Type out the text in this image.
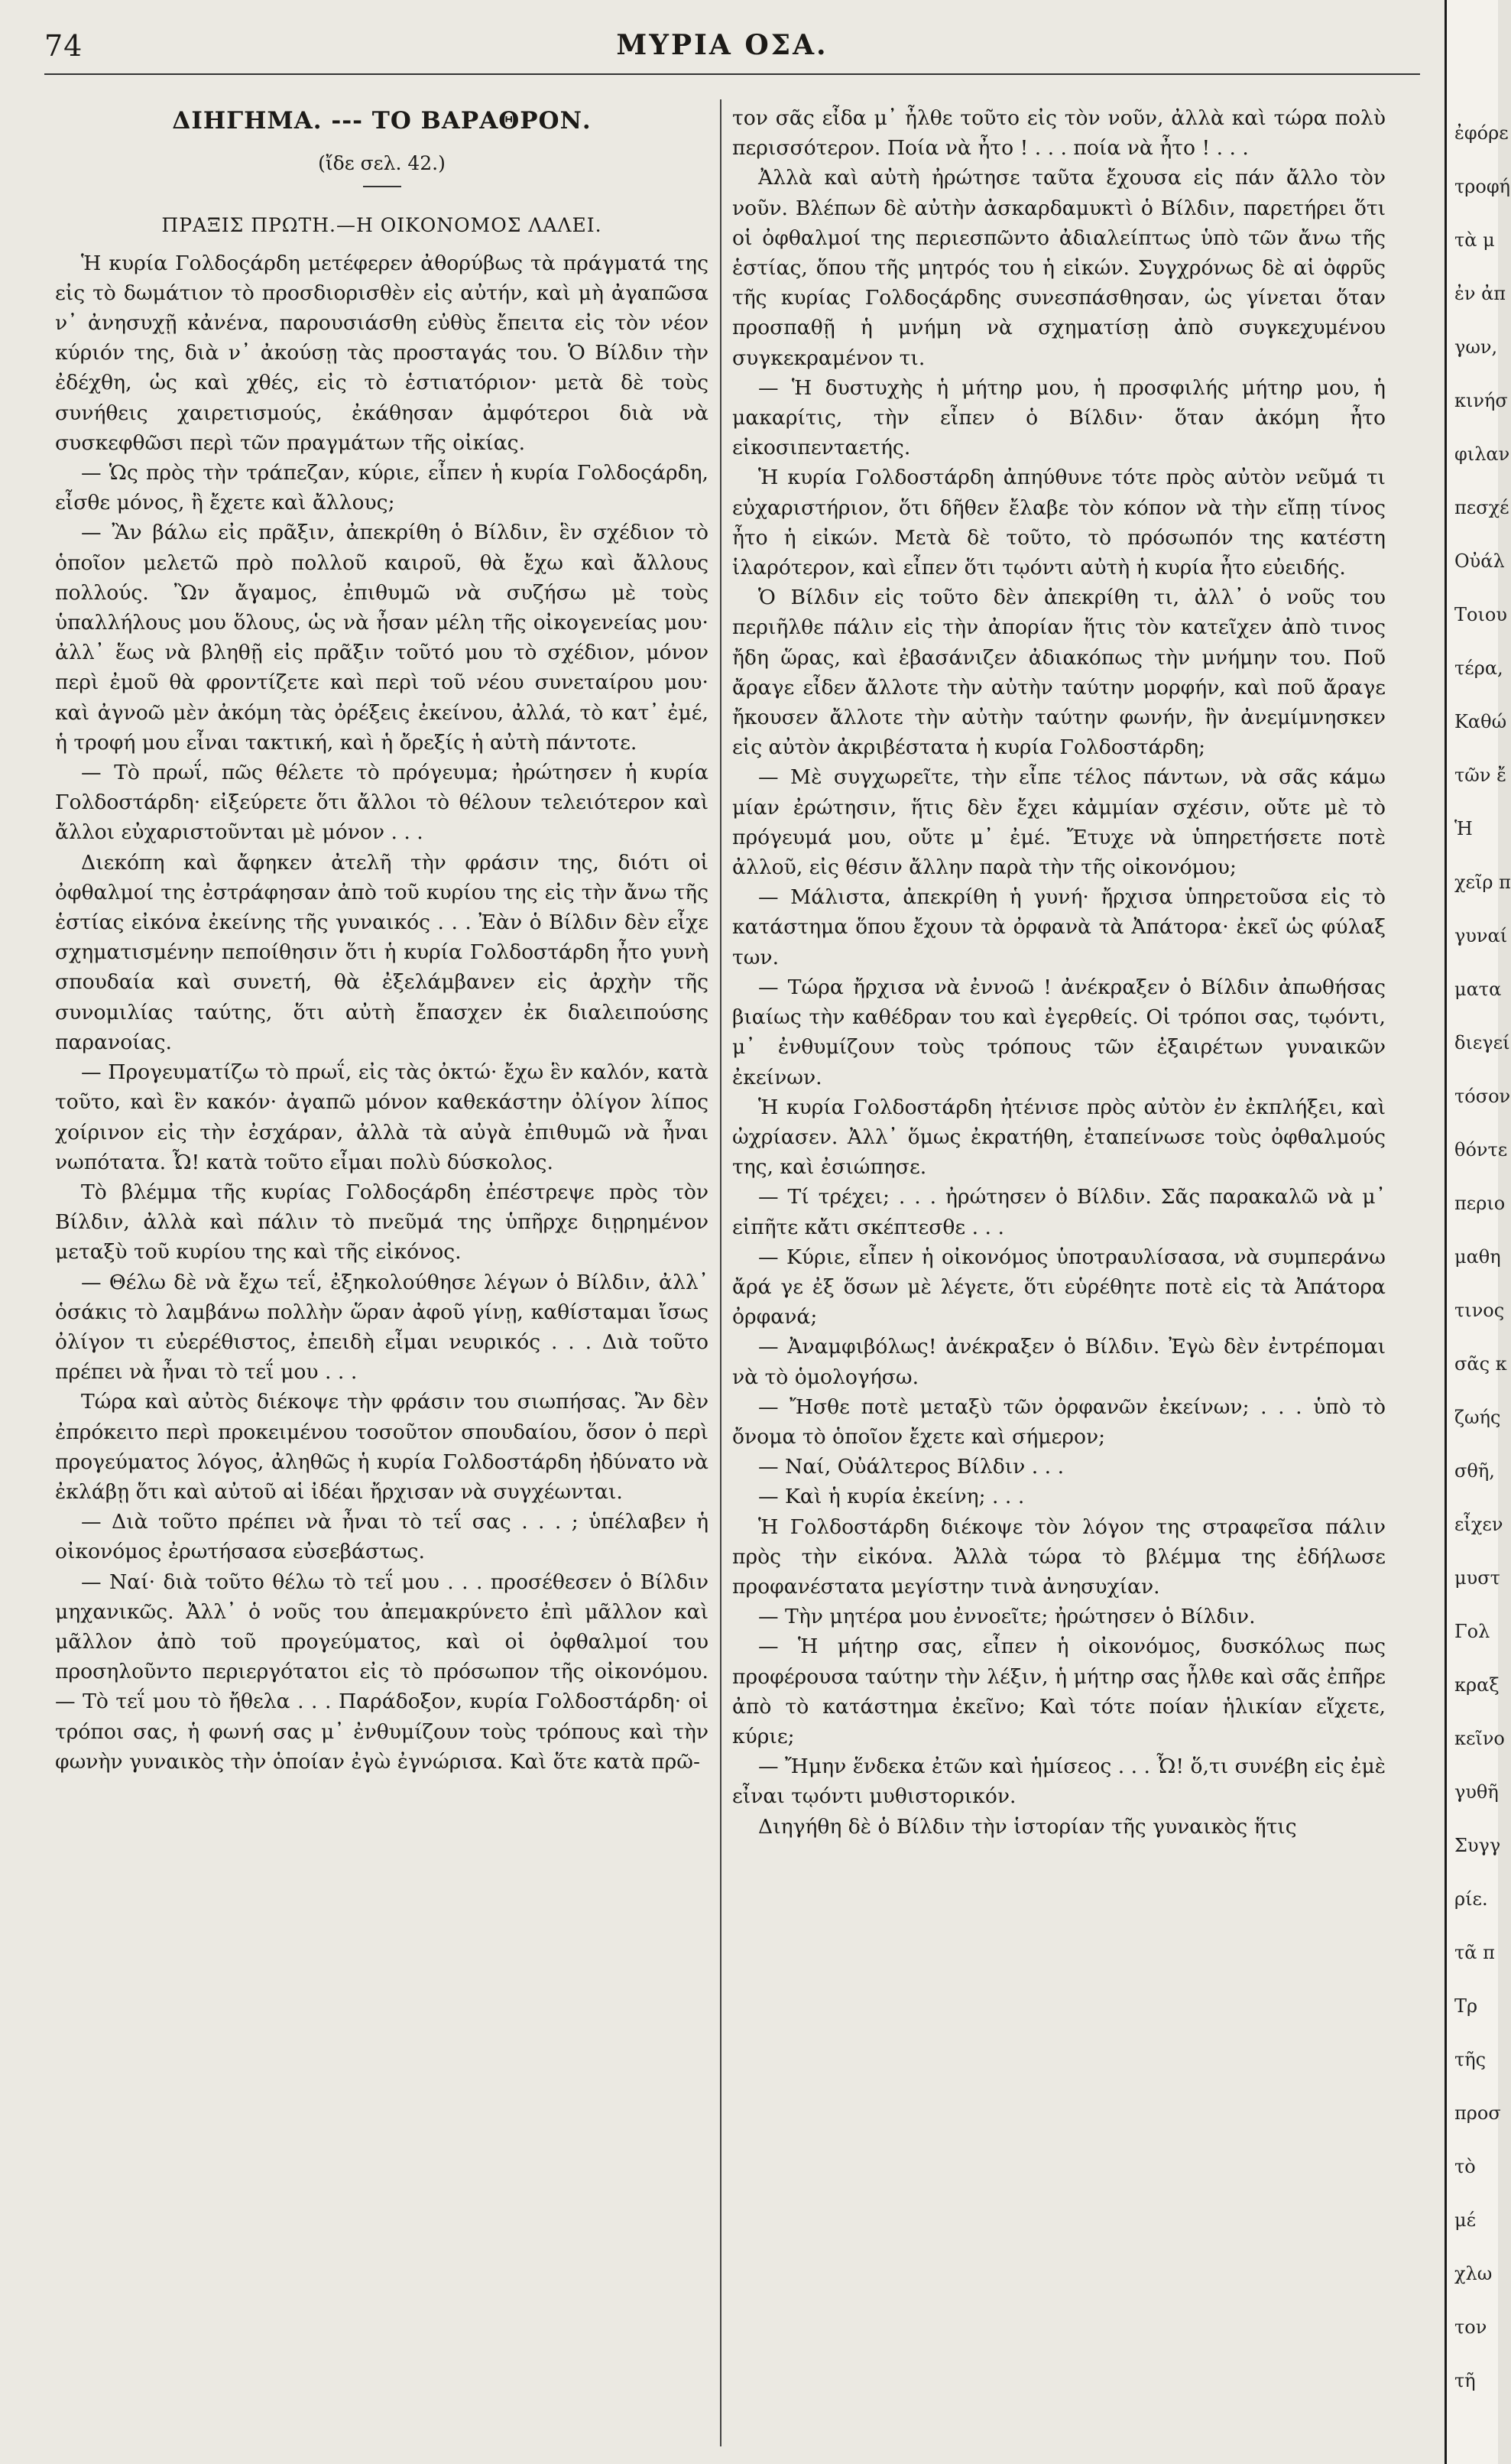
74	ΜΥΡΙΑ ΟΣΑ.
ΔΙΗΓΗΜΑ. --- ΤΟ ΒΑΡΑΘΡΟΝ.
(ἴδε σελ. 42.)
ΠΡΑΞΙΣ ΠΡΩΤΗ.—Η ΟΙΚΟΝΟΜΟΣ ΛΑΛΕΙ.

Ἡ κυρία Γολδοςάρδη μετέφερεν ἀθορύβως τὰ πράγματά της εἰς τὸ δωμάτιον τὸ προσδιορισθὲν εἰς αὐτήν, καὶ μὴ ἀγαπῶσα ν᾽ ἀνησυχῇ κἀνένα, παρουσιάσθη εὐθὺς ἔπειτα εἰς τὸν νέον κύριόν της, διὰ ν᾽ ἀκούσῃ τὰς προσταγάς του. Ὁ Βίλδιν τὴν ἐδέχθη, ὡς καὶ χθές, εἰς τὸ ἑστιατόριον· μετὰ δὲ τοὺς συνήθεις χαιρετισμούς, ἐκάθησαν ἀμφότεροι διὰ νὰ συσκεφθῶσι περὶ τῶν πραγμάτων τῆς οἰκίας.

— Ὡς πρὸς τὴν τράπεζαν, κύριε, εἶπεν ἡ κυρία Γολδοςάρδη, εἶσθε μόνος, ἢ ἔχετε καὶ ἄλλους;

— Ἂν βάλω εἰς πρᾶξιν, ἀπεκρίθη ὁ Βίλδιν, ἓν σχέδιον τὸ ὁποῖον μελετῶ πρὸ πολλοῦ καιροῦ, θὰ ἔχω καὶ ἄλλους πολλούς. Ὢν ἄγαμος, ἐπιθυμῶ νὰ συζήσω μὲ τοὺς ὑπαλλήλους μου ὅλους, ὡς νὰ ἦσαν μέλη τῆς οἰκογενείας μου· ἀλλ᾽ ἕως νὰ βληθῇ εἰς πρᾶξιν τοῦτό μου τὸ σχέδιον, μόνον περὶ ἐμοῦ θὰ φροντίζετε καὶ περὶ τοῦ νέου συνεταίρου μου· καὶ ἀγνοῶ μὲν ἀκόμη τὰς ὀρέξεις ἐκείνου, ἀλλά, τὸ κατ᾽ ἐμέ, ἡ τροφή μου εἶναι τακτική, καὶ ἡ ὄρεξίς ἡ αὐτὴ πάντοτε.

— Τὸ πρωΐ, πῶς θέλετε τὸ πρόγευμα; ἠρώτησεν ἡ κυρία Γολδοστάρδη· εἰξεύρετε ὅτι ἄλλοι τὸ θέλουν τελειότερον καὶ ἄλλοι εὐχαριστοῦνται μὲ μόνον . . .

Διεκόπη καὶ ἄφηκεν ἀτελῆ τὴν φράσιν της, διότι οἱ ὀφθαλμοί της ἐστράφησαν ἀπὸ τοῦ κυρίου της εἰς τὴν ἄνω τῆς ἑστίας εἰκόνα ἐκείνης τῆς γυναικός . . . Ἐὰν ὁ Βίλδιν δὲν εἶχε σχηματισμένην πεποίθησιν ὅτι ἡ κυρία Γολδοστάρδη ἦτο γυνὴ σπουδαία καὶ συνετή, θὰ ἐξελάμβανεν εἰς ἀρχὴν τῆς συνομιλίας ταύτης, ὅτι αὐτὴ ἔπασχεν ἐκ διαλειπούσης παρανοίας.

— Προγευματίζω τὸ πρωΐ, εἰς τὰς ὀκτώ· ἔχω ἓν καλόν, κατὰ τοῦτο, καὶ ἓν κακόν· ἀγαπῶ μόνον καθεκάστην ὀλίγον λίπος χοίρινον εἰς τὴν ἐσχάραν, ἀλλὰ τὰ αὐγὰ ἐπιθυμῶ νὰ ἦναι νωπότατα. Ὦ! κατὰ τοῦτο εἶμαι πολὺ δύσκολος.

Τὸ βλέμμα τῆς κυρίας Γολδοςάρδη ἐπέστρεψε πρὸς τὸν Βίλδιν, ἀλλὰ καὶ πάλιν τὸ πνεῦμά της ὑπῆρχε διῃρημένον μεταξὺ τοῦ κυρίου της καὶ τῆς εἰκόνος.

— Θέλω δὲ νὰ ἔχω τεΐ, ἐξηκολούθησε λέγων ὁ Βίλδιν, ἀλλ᾽ ὁσάκις τὸ λαμβάνω πολλὴν ὥραν ἀφοῦ γίνῃ, καθίσταμαι ἴσως ὀλίγον τι εὐερέθιστος, ἐπειδὴ εἶμαι νευρικός . . . Διὰ τοῦτο πρέπει νὰ ἦναι τὸ τεΐ μου . . .

Τώρα καὶ αὐτὸς διέκοψε τὴν φράσιν του σιωπήσας. Ἂν δὲν ἐπρόκειτο περὶ προκειμένου τοσοῦτον σπουδαίου, ὅσον ὁ περὶ προγεύματος λόγος, ἀληθῶς ἡ κυρία Γολδοστάρδη ἠδύνατο νὰ ἐκλάβῃ ὅτι καὶ αὐτοῦ αἱ ἰδέαι ἤρχισαν νὰ συγχέωνται.

— Διὰ τοῦτο πρέπει νὰ ἦναι τὸ τεΐ σας . . . ; ὑπέλαβεν ἡ οἰκονόμος ἐρωτήσασα εὐσεβάστως.

— Ναί· διὰ τοῦτο θέλω τὸ τεΐ μου . . . προσέθεσεν ὁ Βίλδιν μηχανικῶς. Ἀλλ᾽ ὁ νοῦς του ἀπεμακρύνετο ἐπὶ μᾶλλον καὶ μᾶλλον ἀπὸ τοῦ προγεύματος, καὶ οἱ ὀφθαλμοί του προσηλοῦντο περιεργότατοι εἰς τὸ πρόσωπον τῆς οἰκονόμου. — Τὸ τεΐ μου τὸ ἤθελα . . . Παράδοξον, κυρία Γολδοστάρδη· οἱ τρόποι σας, ἡ φωνή σας μ᾽ ἐνθυμίζουν τοὺς τρόπους καὶ τὴν φωνὴν γυναικὸς τὴν ὁποίαν ἐγὼ ἐγνώρισα. Καὶ ὅτε κατὰ πρῶ-

τον σᾶς εἶδα μ᾽ ἦλθε τοῦτο εἰς τὸν νοῦν, ἀλλὰ καὶ τώρα πολὺ περισσότερον. Ποία νὰ ἦτο ! . . . ποία νὰ ἦτο ! . . .

Ἀλλὰ καὶ αὐτὴ ἠρώτησε ταῦτα ἔχουσα εἰς πάν ἄλλο τὸν νοῦν. Βλέπων δὲ αὐτὴν ἀσκαρδαμυκτὶ ὁ Βίλδιν, παρετήρει ὅτι οἱ ὀφθαλμοί της περιεσπῶντο ἀδιαλείπτως ὑπὸ τῶν ἄνω τῆς ἑστίας, ὅπου τῆς μητρός του ἡ εἰκών. Συγχρόνως δὲ αἱ ὀφρῦς τῆς κυρίας Γολδοςάρδης συνεσπάσθησαν, ὡς γίνεται ὅταν προσπαθῇ ἡ μνήμη νὰ σχηματίσῃ ἀπὸ συγκεχυμένου συγκεκραμένον τι.

— Ἡ δυστυχὴς ἡ μήτηρ μου, ἡ προσφιλής μήτηρ μου, ἡ μακαρίτις, τὴν εἶπεν ὁ Βίλδιν· ὅταν ἀκόμη ἦτο εἰκοσιπενταετής.

Ἡ κυρία Γολδοστάρδη ἀπηύθυνε τότε πρὸς αὐτὸν νεῦμά τι εὐχαριστήριον, ὅτι δῆθεν ἔλαβε τὸν κόπον νὰ τὴν εἴπῃ τίνος ἦτο ἡ εἰκών. Μετὰ δὲ τοῦτο, τὸ πρόσωπόν της κατέστη ἱλαρότερον, καὶ εἶπεν ὅτι τῳόντι αὐτὴ ἡ κυρία ἦτο εὐειδής.

Ὁ Βίλδιν εἰς τοῦτο δὲν ἀπεκρίθη τι, ἀλλ᾽ ὁ νοῦς του περιῆλθε πάλιν εἰς τὴν ἀπορίαν ἥτις τὸν κατεῖχεν ἀπὸ τινος ἤδη ὥρας, καὶ ἐβασάνιζεν ἀδιακόπως τὴν μνήμην του. Ποῦ ἄραγε εἶδεν ἄλλοτε τὴν αὐτὴν ταύτην μορφήν, καὶ ποῦ ἄραγε ἤκουσεν ἄλλοτε τὴν αὐτὴν ταύτην φωνήν, ἣν ἀνεμίμνησκεν εἰς αὐτὸν ἀκριβέστατα ἡ κυρία Γολδοστάρδη;

— Μὲ συγχωρεῖτε, τὴν εἶπε τέλος πάντων, νὰ σᾶς κάμω μίαν ἐρώτησιν, ἥτις δὲν ἔχει κἀμμίαν σχέσιν, οὔτε μὲ τὸ πρόγευμά μου, οὔτε μ᾽ ἐμέ. Ἔτυχε νὰ ὑπηρετήσετε ποτὲ ἀλλοῦ, εἰς θέσιν ἄλλην παρὰ τὴν τῆς οἰκονόμου;

— Μάλιστα, ἀπεκρίθη ἡ γυνή· ἤρχισα ὑπηρετοῦσα εἰς τὸ κατάστημα ὅπου ἔχουν τὰ ὀρφανὰ τὰ Ἀπάτορα· ἐκεῖ ὡς φύλαξ των.

— Τώρα ἤρχισα νὰ ἐννοῶ ! ἀνέκραξεν ὁ Βίλδιν ἀπωθήσας βιαίως τὴν καθέδραν του καὶ ἐγερθείς. Οἱ τρόποι σας, τῳόντι, μ᾽ ἐνθυμίζουν τοὺς τρόπους τῶν ἐξαιρέτων γυναικῶν ἐκείνων.

Ἡ κυρία Γολδοστάρδη ἠτένισε πρὸς αὐτὸν ἐν ἐκπλήξει, καὶ ὠχρίασεν. Ἀλλ᾽ ὅμως ἐκρατήθη, ἐταπείνωσε τοὺς ὀφθαλμούς της, καὶ ἐσιώπησε.

— Τί τρέχει; . . . ἠρώτησεν ὁ Βίλδιν. Σᾶς παρακαλῶ νὰ μ᾽ εἰπῆτε κἄτι σκέπτεσθε . . .

— Κύριε, εἶπεν ἡ οἰκονόμος ὑποτραυλίσασα, νὰ συμπεράνω ἄρά γε ἐξ ὅσων μὲ λέγετε, ὅτι εὑρέθητε ποτὲ εἰς τὰ Ἀπάτορα ὀρφανά;

— Ἀναμφιβόλως! ἀνέκραξεν ὁ Βίλδιν. Ἐγὼ δὲν ἐντρέπομαι νὰ τὸ ὁμολογήσω.

— Ἤσθε ποτὲ μεταξὺ τῶν ὀρφανῶν ἐκείνων; . . . ὑπὸ τὸ ὄνομα τὸ ὁποῖον ἔχετε καὶ σήμερον;

— Ναί, Οὐάλτερος Βίλδιν . . .

— Καὶ ἡ κυρία ἐκείνη; . . .

Ἡ Γολδοστάρδη διέκοψε τὸν λόγον της στραφεῖσα πάλιν πρὸς τὴν εἰκόνα. Ἀλλὰ τώρα τὸ βλέμμα της ἐδήλωσε προφανέστατα μεγίστην τινὰ ἀνησυχίαν.

— Τὴν μητέρα μου ἐννοεῖτε; ἠρώτησεν ὁ Βίλδιν.

— Ἡ μήτηρ σας, εἶπεν ἡ οἰκονόμος, δυσκόλως πως προφέρουσα ταύτην τὴν λέξιν, ἡ μήτηρ σας ἦλθε καὶ σᾶς ἐπῆρε ἀπὸ τὸ κατάστημα ἐκεῖνο; Καὶ τότε ποίαν ἡλικίαν εἴχετε, κύριε;

— Ἤμην ἕνδεκα ἐτῶν καὶ ἡμίσεος . . . Ὦ! ὅ,τι συνέβη εἰς ἐμὲ εἶναι τῳόντι μυθιστορικόν.

Διηγήθη δὲ ὁ Βίλδιν τὴν ἱστορίαν τῆς γυναικὸς ἥτις

ἐφόρε
τροφή
τὰ μ
ἐν ἀπ
γων,
κινήσ
φιλαν
πεσχέ
Οὐάλ
Τοιου
τέρα,
Καθώ
τῶν ἔ
Ἡ
χεῖρ π
γυναί
ματα
διεγεί
τόσον
θόντε
περιο
μαθη
τινος
σᾶς κ
ζωής
σθῆ,
εἶχεν
μυστ
Γολ
κραξ
κεῖνο
γυθῆ
Συγγ
ρίε.
τᾶ π
Τρ
τῆς
προσ
τὸ
μέ
χλω
τον
τῆ
